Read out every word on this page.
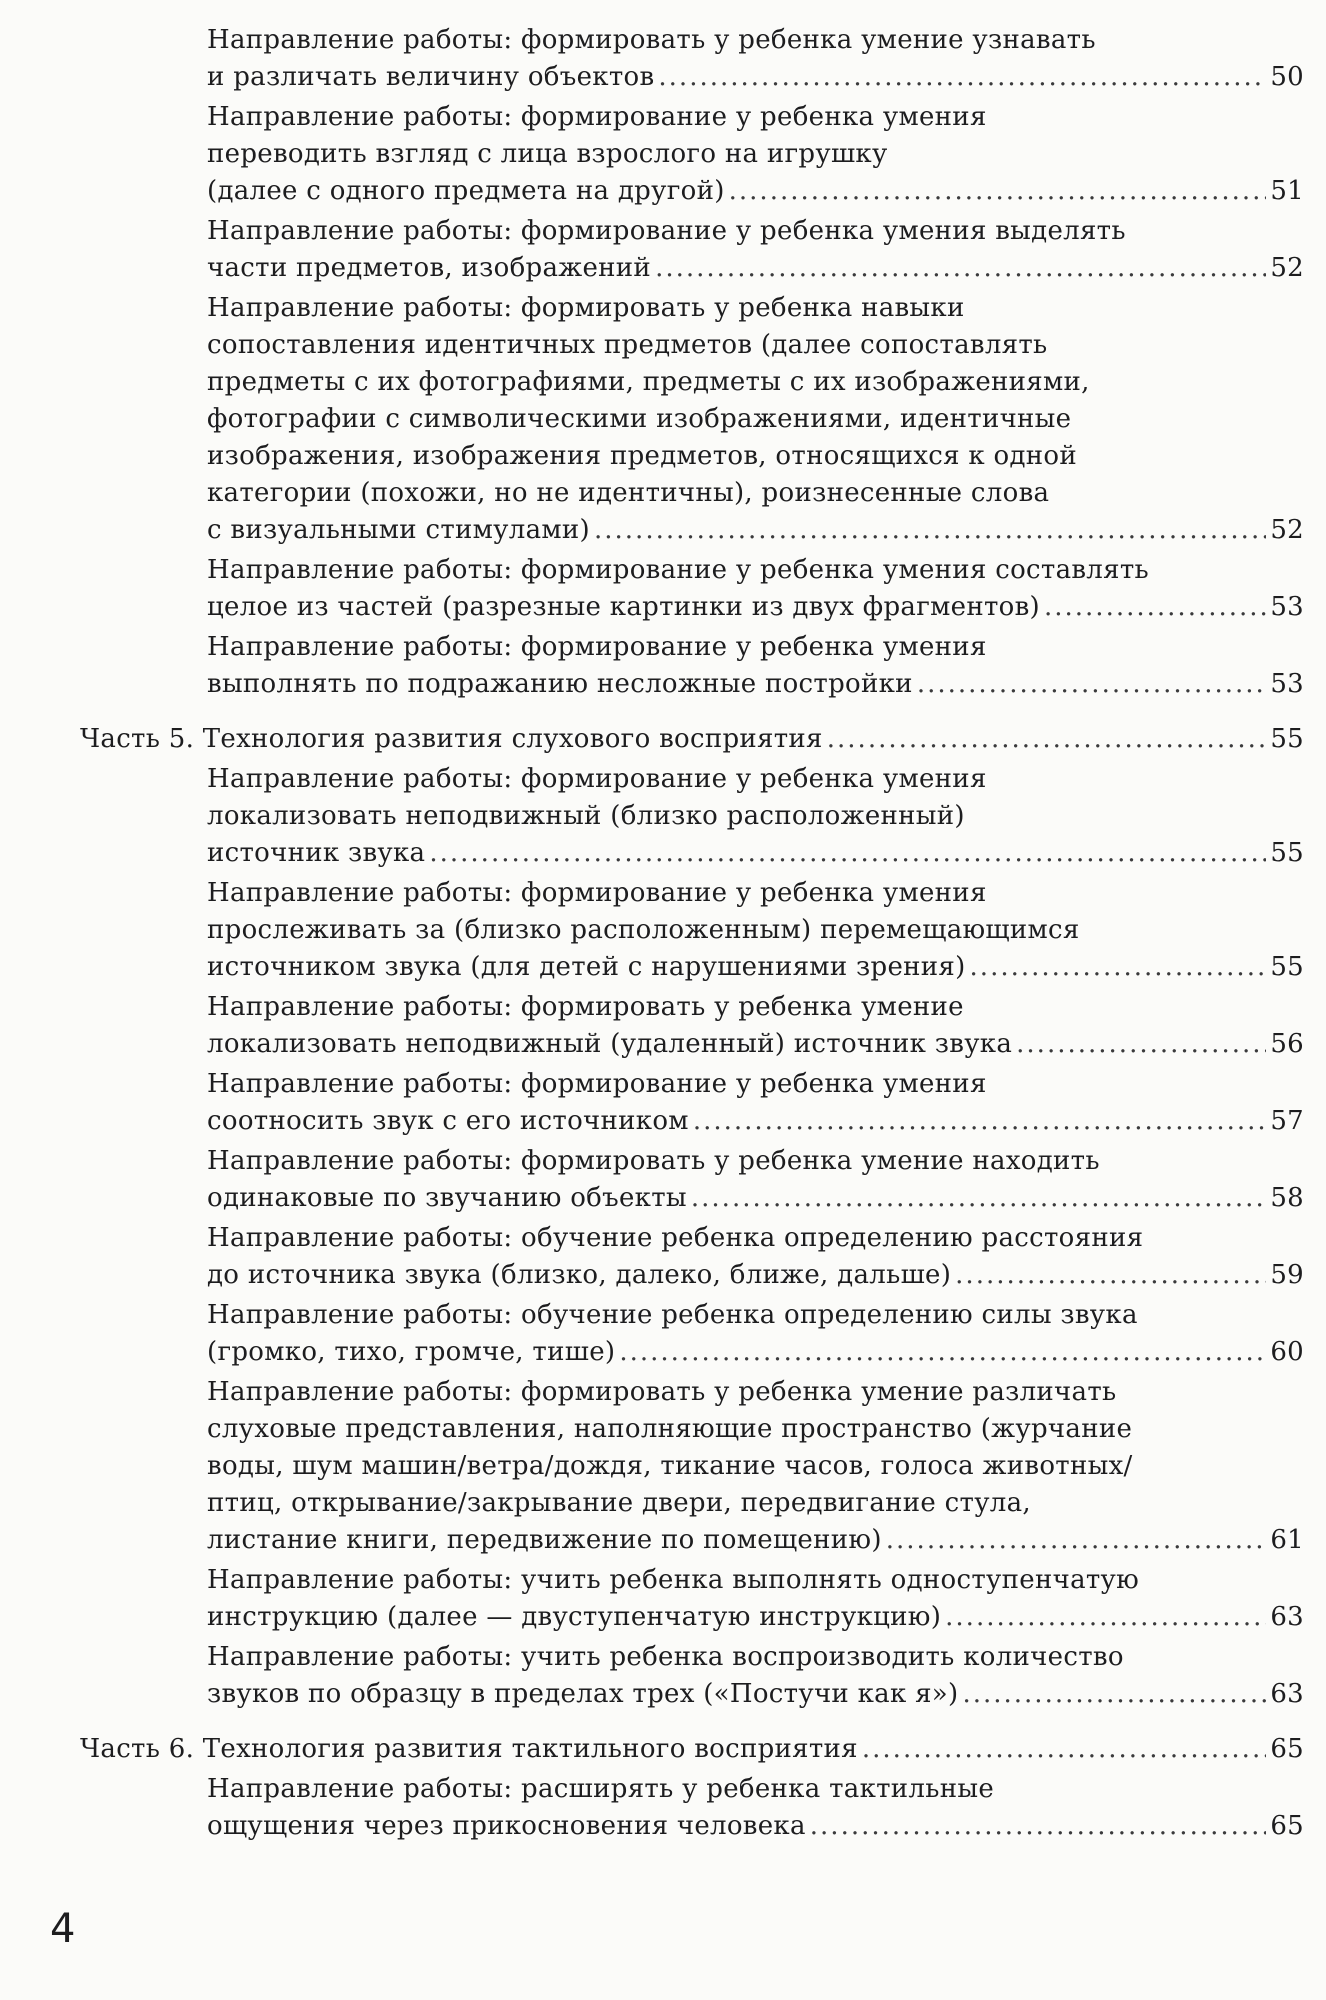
Направление работы: формировать у ребенка умение узнавать
и различать величину объектов .....	50
Направление работы: формирование у ребенка умения
переводить взгляд с лица взрослого на игрушку
(далее с одного предмета на другой) .....	51
Направление работы: формирование у ребенка умения выделять
части предметов, изображений .....	52
Направление работы: формировать у ребенка навыки
сопоставления идентичных предметов (далее сопоставлять
предметы с их фотографиями, предметы с их изображениями,
фотографии с символическими изображениями, идентичные
изображения, изображения предметов, относящихся к одной
категории (похожи, но не идентичны), роизнесенные слова
с визуальными стимулами) .....	52
Направление работы: формирование у ребенка умения составлять
целое из частей (разрезные картинки из двух фрагментов) .....	53
Направление работы: формирование у ребенка умения
выполнять по подражанию несложные постройки .....	53
Часть 5. Технология развития слухового восприятия .....	55
Направление работы: формирование у ребенка умения
локализовать неподвижный (близко расположенный)
источник звука .....	55
Направление работы: формирование у ребенка умения
прослеживать за (близко расположенным) перемещающимся
источником звука (для детей с нарушениями зрения) .....	55
Направление работы: формировать у ребенка умение
локализовать неподвижный (удаленный) источник звука .....	56
Направление работы: формирование у ребенка умения
соотносить звук с его источником .....	57
Направление работы: формировать у ребенка умение находить
одинаковые по звучанию объекты .....	58
Направление работы: обучение ребенка определению расстояния
до источника звука (близко, далеко, ближе, дальше) .....	59
Направление работы: обучение ребенка определению силы звука
(громко, тихо, громче, тише) .....	60
Направление работы: формировать у ребенка умение различать
слуховые представления, наполняющие пространство (журчание
воды, шум машин/ветра/дождя, тикание часов, голоса животных/
птиц, открывание/закрывание двери, передвигание стула,
листание книги, передвижение по помещению) .....	61
Направление работы: учить ребенка выполнять одноступенчатую
инструкцию (далее — двуступенчатую инструкцию) .....	63
Направление работы: учить ребенка воспроизводить количество
звуков по образцу в пределах трех («Постучи как я») .....	63
Часть 6. Технология развития тактильного восприятия .....	65
Направление работы: расширять у ребенка тактильные
ощущения через прикосновения человека .....	65
4
